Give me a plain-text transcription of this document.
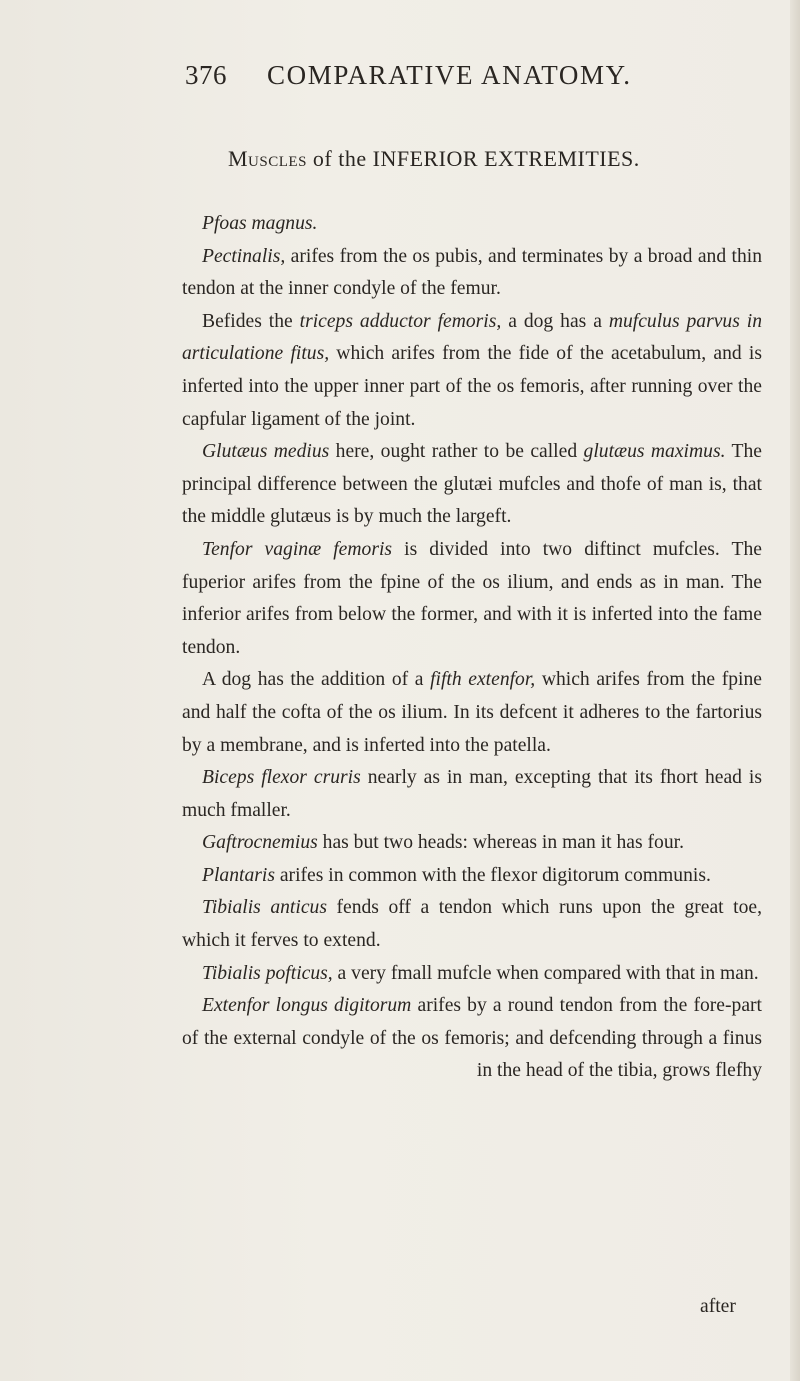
376 COMPARATIVE ANATOMY.
Muscles of the INFERIOR EXTREMITIES.

Pfoas magnus.

Pectinalis, arifes from the os pubis, and terminates by a broad and thin tendon at the inner condyle of the femur.

Befides the triceps adductor femoris, a dog has a mufculus parvus in articulatione fitus, which arifes from the fide of the acetabulum, and is inferted into the upper inner part of the os femoris, after running over the capfular ligament of the joint.

Glutæus medius here, ought rather to be called glutæus maximus. The principal difference between the glutæi mufcles and thofe of man is, that the middle glutæus is by much the largeft.

Tenfor vaginæ femoris is divided into two diftinct mufcles. The fuperior arifes from the fpine of the os ilium, and ends as in man. The inferior arifes from below the former, and with it is inferted into the fame tendon.

A dog has the addition of a fifth extenfor, which arifes from the fpine and half the cofta of the os ilium. In its defcent it adheres to the fartorius by a membrane, and is inferted into the patella.

Biceps flexor cruris nearly as in man, excepting that its fhort head is much fmaller.

Gaftrocnemius has but two heads: whereas in man it has four.

Plantaris arifes in common with the flexor digitorum communis.

Tibialis anticus fends off a tendon which runs upon the great toe, which it ferves to extend.

Tibialis pofticus, a very fmall mufcle when compared with that in man.

Extenfor longus digitorum arifes by a round tendon from the fore-part of the external condyle of the os femoris; and defcending through a finus in the head of the tibia, grows flefhy

after
